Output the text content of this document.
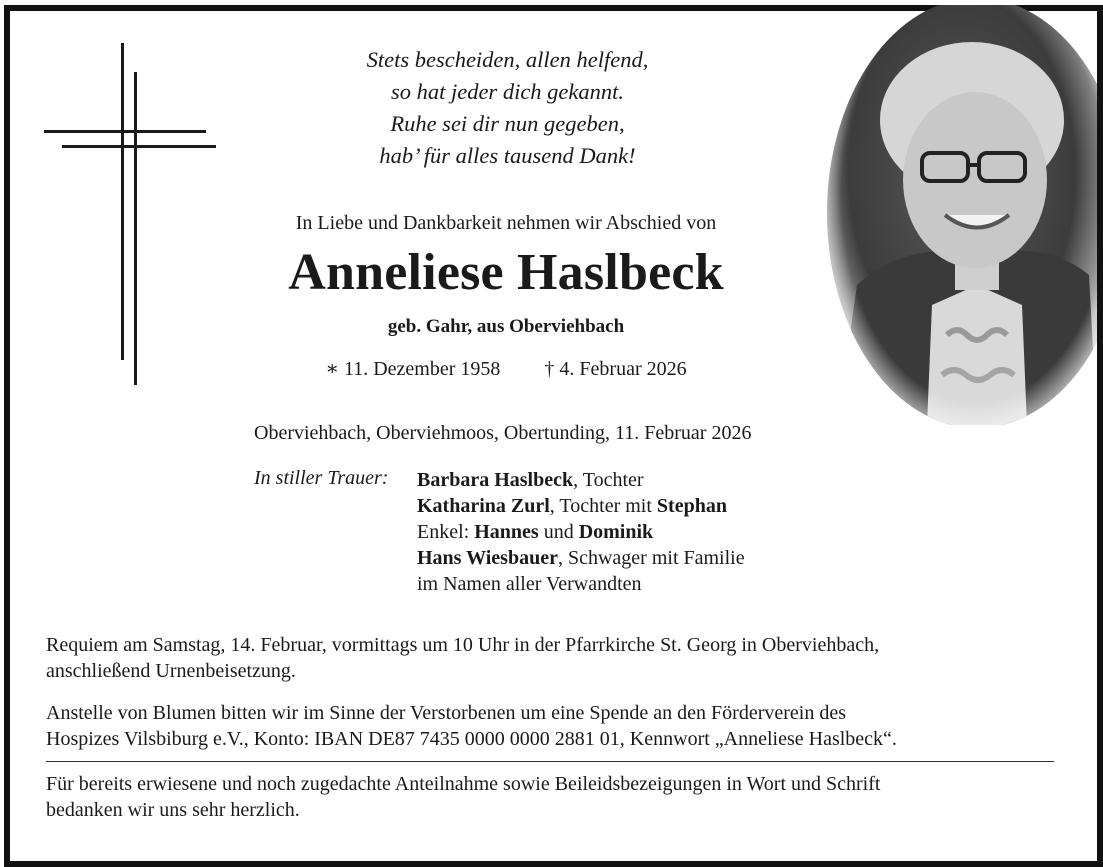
Stets bescheiden, allen helfend,
so hat jeder dich gekannt.
Ruhe sei dir nun gegeben,
hab’ für alles tausend Dank!
In Liebe und Dankbarkeit nehmen wir Abschied von
Anneliese Haslbeck
geb. Gahr, aus Oberviehbach
∗ 11. Dezember 1958 † 4. Februar 2026
Oberviehbach, Oberviehmoos, Obertunding, 11. Februar 2026
In stiller Trauer: Barbara Haslbeck, Tochter
Katharina Zurl, Tochter mit Stephan
Enkel: Hannes und Dominik
Hans Wiesbauer, Schwager mit Familie
im Namen aller Verwandten
Requiem am Samstag, 14. Februar, vormittags um 10 Uhr in der Pfarrkirche St. Georg in Oberviehbach,
anschließend Urnenbeisetzung.
Anstelle von Blumen bitten wir im Sinne der Verstorbenen um eine Spende an den Förderverein des
Hospizes Vilsbiburg e.V., Konto: IBAN DE87 7435 0000 0000 2881 01, Kennwort „Anneliese Haslbeck“.
Für bereits erwiesene und noch zugedachte Anteilnahme sowie Beileidsbezeigungen in Wort und Schrift
bedanken wir uns sehr herzlich.
